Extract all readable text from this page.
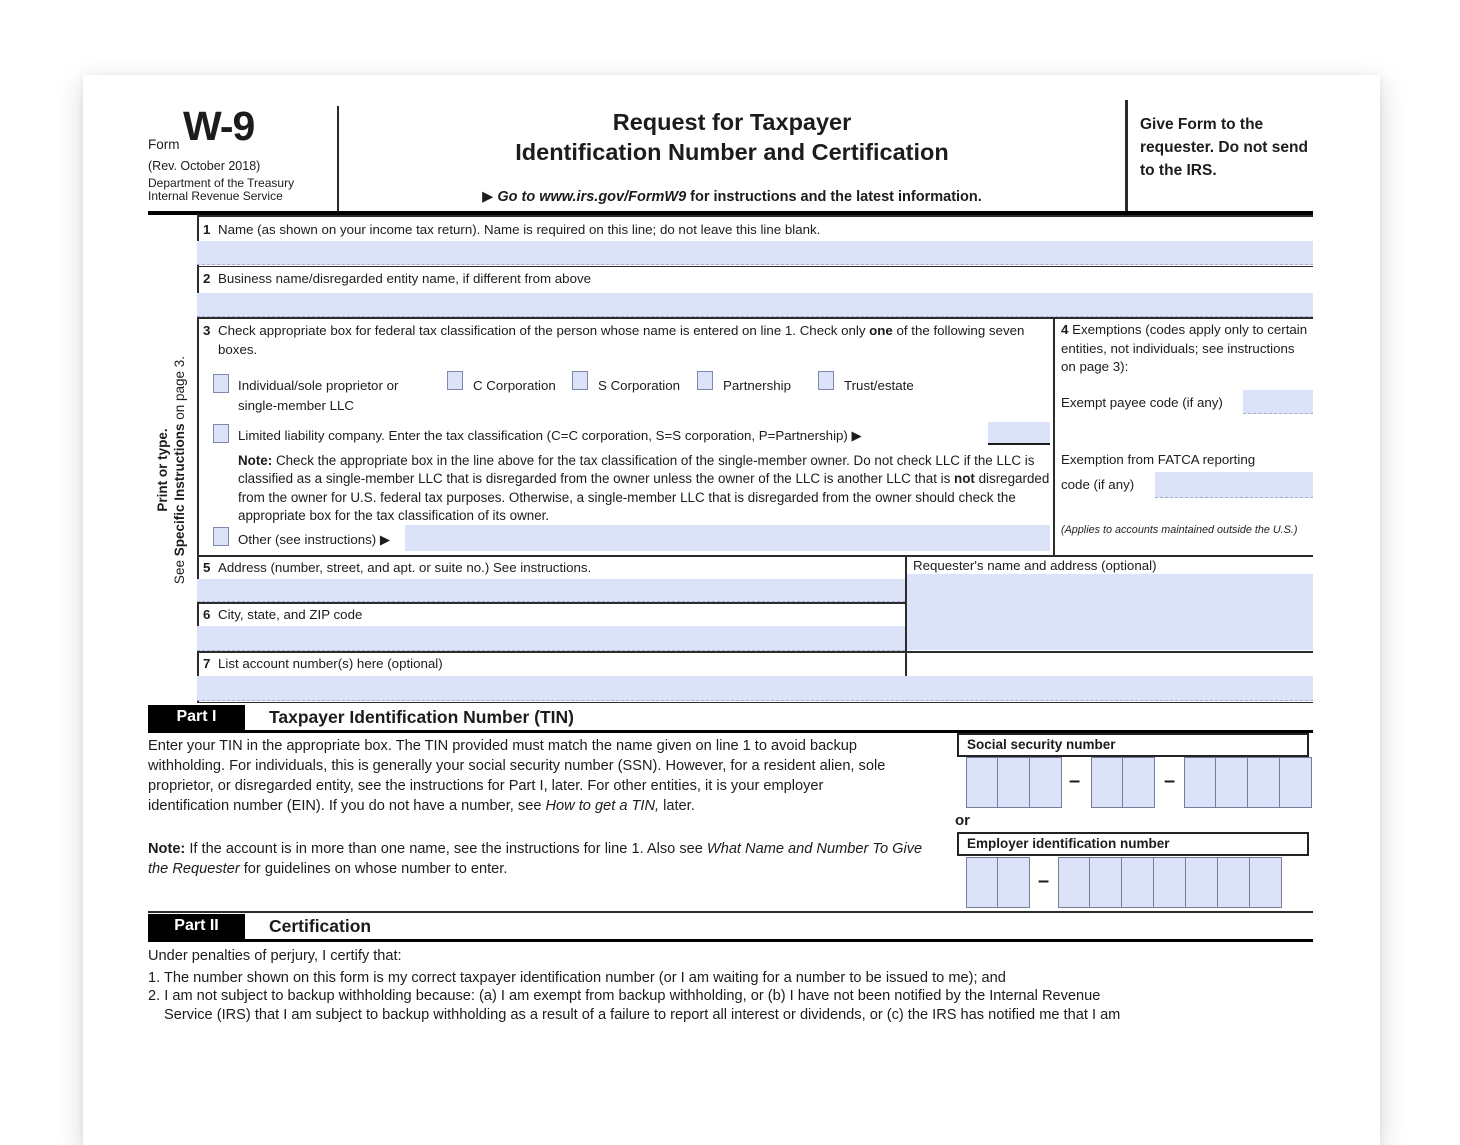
Form W-9
(Rev. October 2018)
Department of the Treasury
Internal Revenue Service
Request for Taxpayer
Identification Number and Certification
▶ Go to www.irs.gov/FormW9 for instructions and the latest information.
Give Form to the requester. Do not send to the IRS.
Print or type.
See Specific Instructions on page 3.
1 Name (as shown on your income tax return). Name is required on this line; do not leave this line blank.
2 Business name/disregarded entity name, if different from above
3 Check appropriate box for federal tax classification of the person whose name is entered on line 1. Check only one of the following seven boxes.
Individual/sole proprietor or single-member LLC
C Corporation	S Corporation	Partnership	Trust/estate
Limited liability company. Enter the tax classification (C=C corporation, S=S corporation, P=Partnership) ▶
Note: Check the appropriate box in the line above for the tax classification of the single-member owner. Do not check LLC if the LLC is classified as a single-member LLC that is disregarded from the owner unless the owner of the LLC is another LLC that is not disregarded from the owner for U.S. federal tax purposes. Otherwise, a single-member LLC that is disregarded from the owner should check the appropriate box for the tax classification of its owner.
Other (see instructions) ▶
4 Exemptions (codes apply only to certain entities, not individuals; see instructions on page 3):
Exempt payee code (if any)
Exemption from FATCA reporting
code (if any)
(Applies to accounts maintained outside the U.S.)
5 Address (number, street, and apt. or suite no.) See instructions.	Requester's name and address (optional)
6 City, state, and ZIP code
7 List account number(s) here (optional)
Part I	Taxpayer Identification Number (TIN)
Enter your TIN in the appropriate box. The TIN provided must match the name given on line 1 to avoid backup withholding. For individuals, this is generally your social security number (SSN). However, for a resident alien, sole proprietor, or disregarded entity, see the instructions for Part I, later. For other entities, it is your employer identification number (EIN). If you do not have a number, see How to get a TIN, later.
Note: If the account is in more than one name, see the instructions for line 1. Also see What Name and Number To Give the Requester for guidelines on whose number to enter.
Social security number
–	–
or
Employer identification number
–
Part II	Certification
Under penalties of perjury, I certify that:
1. The number shown on this form is my correct taxpayer identification number (or I am waiting for a number to be issued to me); and
2. I am not subject to backup withholding because: (a) I am exempt from backup withholding, or (b) I have not been notified by the Internal Revenue
Service (IRS) that I am subject to backup withholding as a result of a failure to report all interest or dividends, or (c) the IRS has notified me that I am
